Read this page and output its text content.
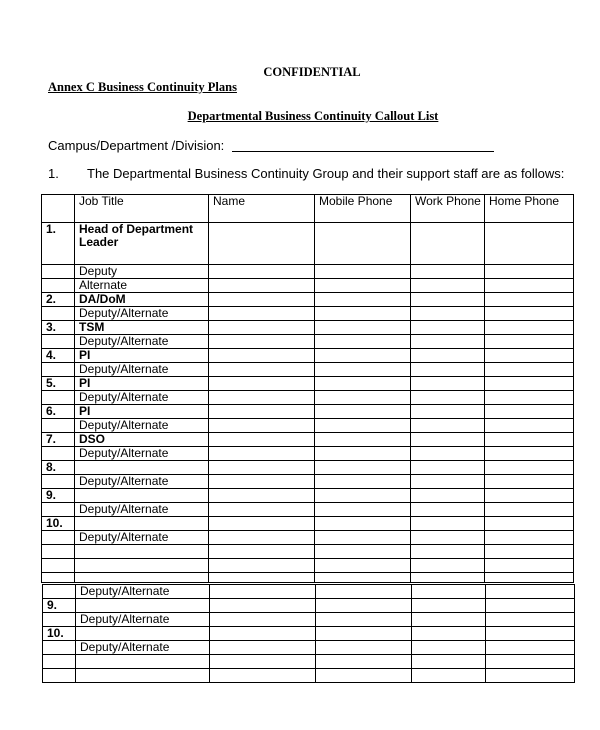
CONFIDENTIAL
Annex C Business Continuity Plans
Departmental Business Continuity Callout List
Campus/Department /Division:
1. The Departmental Business Continuity Group and their support staff are as follows:
	Job Title	Name	Mobile Phone	Work Phone	Home Phone
1.	Head of Department Leader				
	Deputy				
	Alternate				
2.	DA/DoM				
	Deputy/Alternate				
3.	TSM				
	Deputy/Alternate				
4.	PI				
	Deputy/Alternate				
5.	PI				
	Deputy/Alternate				
6.	PI				
	Deputy/Alternate				
7.	DSO				
	Deputy/Alternate				
8.					
	Deputy/Alternate				
9.					
	Deputy/Alternate				
10.					
	Deputy/Alternate				

	Deputy/Alternate				
9.					
	Deputy/Alternate				
10.					
	Deputy/Alternate				
